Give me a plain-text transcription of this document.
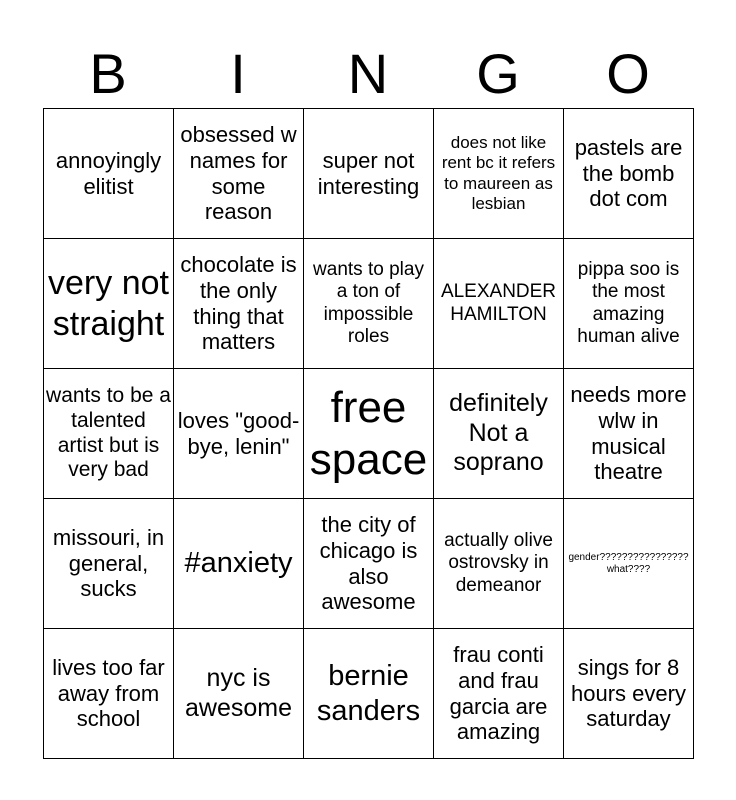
B	I	N	G	O
annoyingly elitist	obsessed w names for some reason	super not interesting	does not like rent bc it refers to maureen as lesbian	pastels are the bomb dot com
very not straight	chocolate is the only thing that matters	wants to play a ton of impossible roles	ALEXANDER HAMILTON	pippa soo is the most amazing human alive
wants to be a talented artist but is very bad	loves "good-bye, lenin"	free space	definitely Not a soprano	needs more wlw in musical theatre
missouri, in general, sucks	#anxiety	the city of chicago is also awesome	actually olive ostrovsky in demeanor	gender???????????????? what????
lives too far away from school	nyc is awesome	bernie sanders	frau conti and frau garcia are amazing	sings for 8 hours every saturday
